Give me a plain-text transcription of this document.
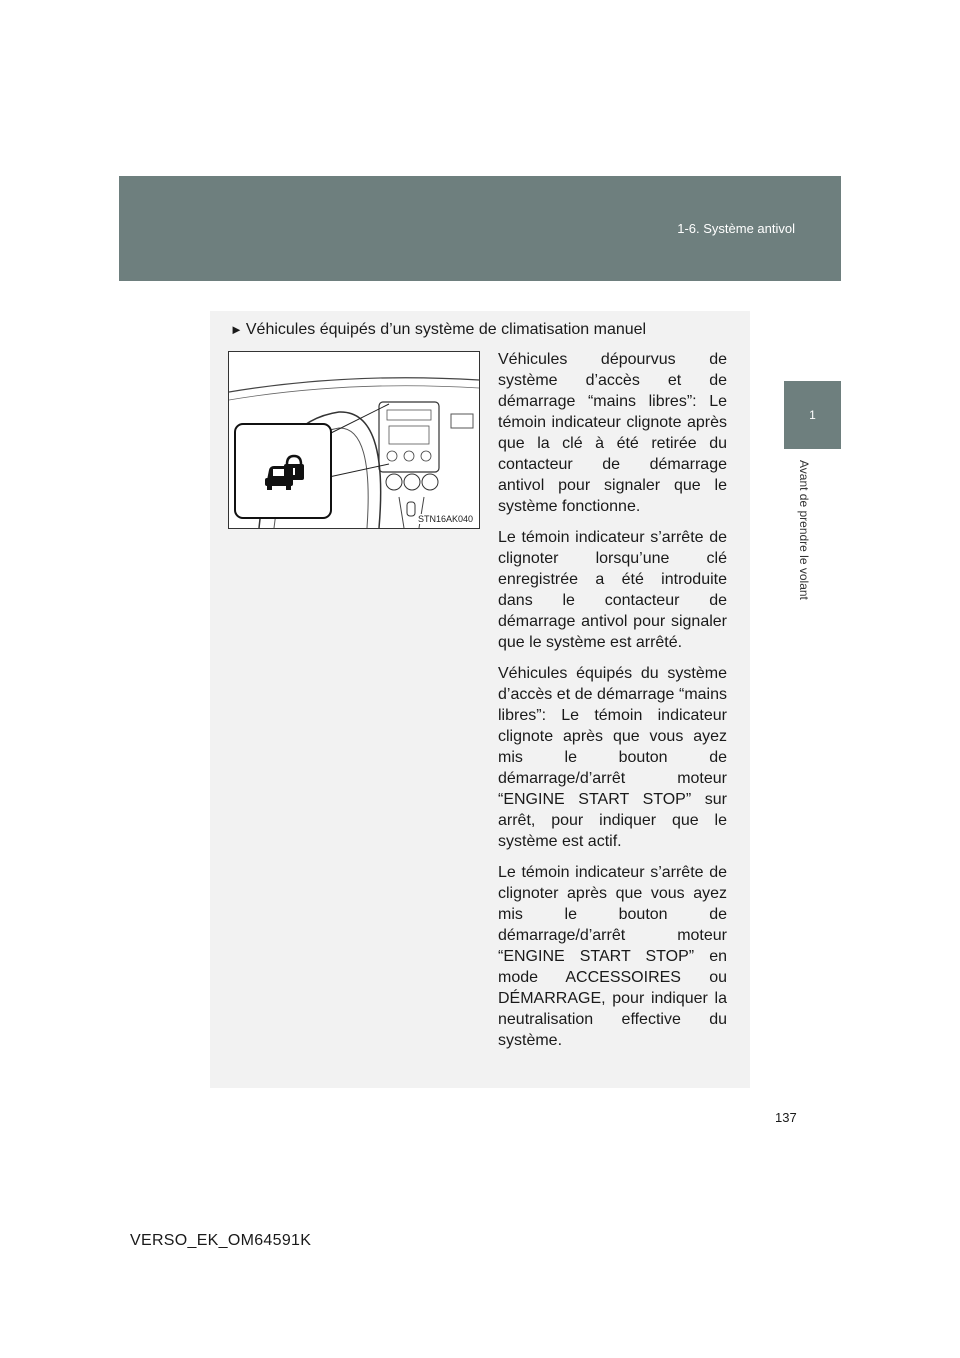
1-6. Système antivol
1
Avant de prendre le volant
► Véhicules équipés d’un système de climatisation manuel
STN16AK040

Véhicules dépourvus de système d’accès et de démarrage “mains libres”: Le témoin indicateur clignote après que la clé à été retirée du contacteur de démarrage antivol pour signaler que le système fonctionne.

Le témoin indicateur s’arrête de clignoter lorsqu’une clé enregistrée a été introduite dans le contacteur de démarrage antivol pour signaler que le système est arrêté.

Véhicules équipés du système d’accès et de démarrage “mains libres”: Le témoin indicateur clignote après que vous ayez mis le bouton de démarrage/d’arrêt moteur “ENGINE START STOP” sur arrêt, pour indiquer que le système est actif.

Le témoin indicateur s’arrête de clignoter après que vous ayez mis le bouton de démarrage/d’arrêt moteur “ENGINE START STOP” en mode ACCESSOIRES ou DÉMARRAGE, pour indiquer la neutralisation effective du système.

137
VERSO_EK_OM64591K
